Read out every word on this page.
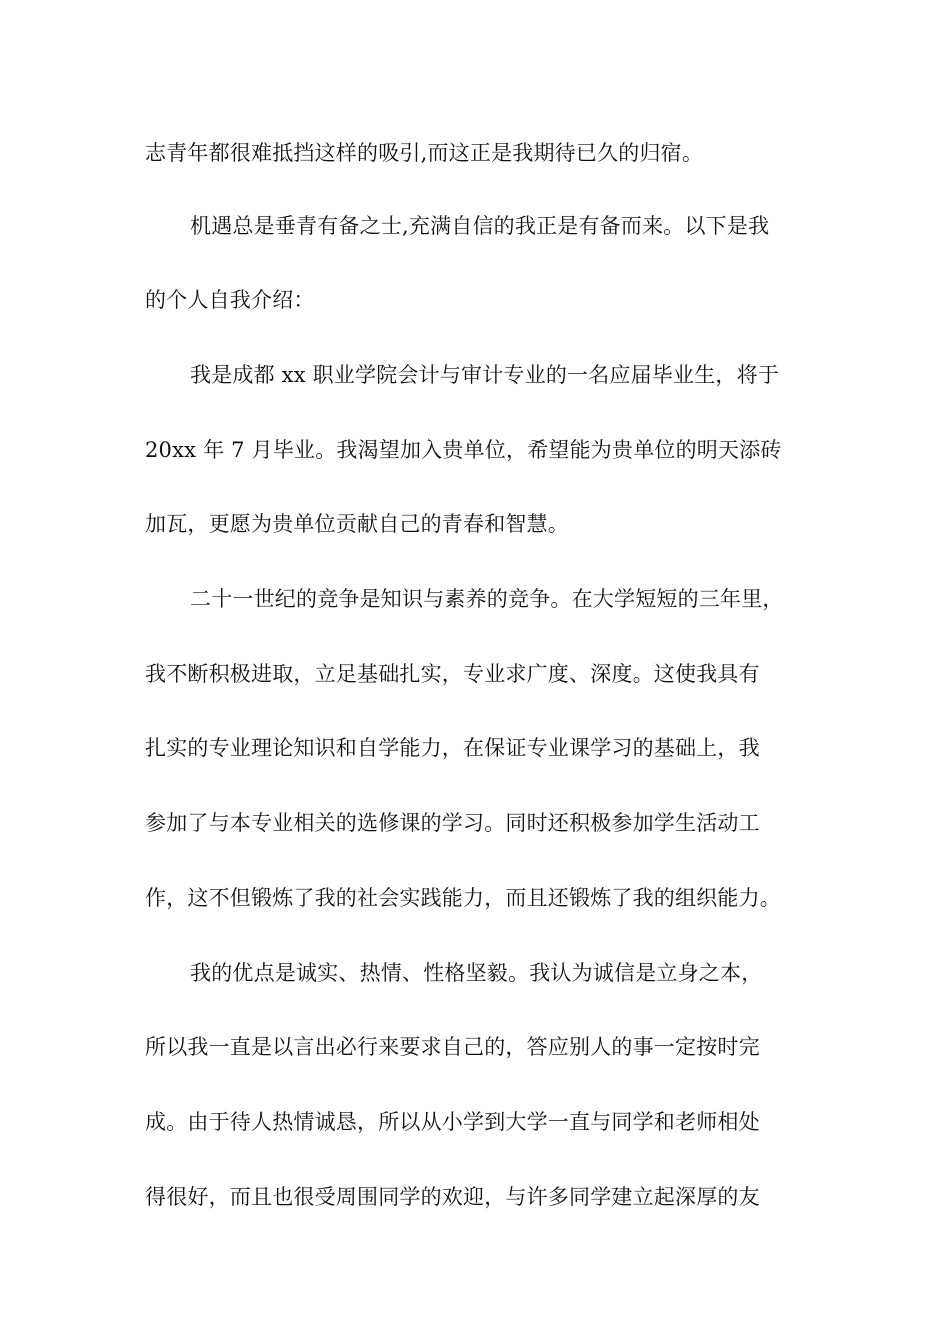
志青年都很难抵挡这样的吸引,而这正是我期待已久的归宿。
机遇总是垂青有备之士,充满自信的我正是有备而来。以下是我
的个人自我介绍：
我是成都 xx 职业学院会计与审计专业的一名应届毕业生，将于
20xx 年 7 月毕业。我渴望加入贵单位，希望能为贵单位的明天添砖
加瓦，更愿为贵单位贡献自己的青春和智慧。
二十一世纪的竞争是知识与素养的竞争。在大学短短的三年里，
我不断积极进取，立足基础扎实，专业求广度、深度。这使我具有
扎实的专业理论知识和自学能力，在保证专业课学习的基础上，我
参加了与本专业相关的选修课的学习。同时还积极参加学生活动工
作，这不但锻炼了我的社会实践能力，而且还锻炼了我的组织能力。
我的优点是诚实、热情、性格坚毅。我认为诚信是立身之本，
所以我一直是以言出必行来要求自己的，答应别人的事一定按时完
成。由于待人热情诚恳，所以从小学到大学一直与同学和老师相处
得很好，而且也很受周围同学的欢迎，与许多同学建立起深厚的友
